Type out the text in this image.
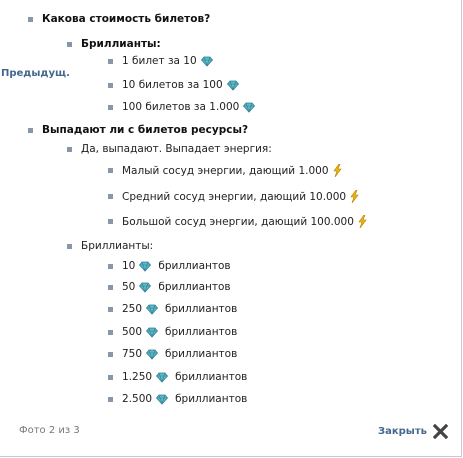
Предыдущ.
Какова стоимость билетов?
Бриллианты:
1 билет за 10
10 билетов за 100
100 билетов за 1.000
Выпадают ли с билетов ресурсы?
Да, выпадают. Выпадает энергия:
Малый сосуд энергии, дающий 1.000
Средний сосуд энергии, дающий 10.000
Большой сосуд энергии, дающий 100.000
Бриллианты:
10 бриллиантов
50 бриллиантов
250 бриллиантов
500 бриллиантов
750 бриллиантов
1.250 бриллиантов
2.500 бриллиантов
Фото 2 из 3	Закрыть
